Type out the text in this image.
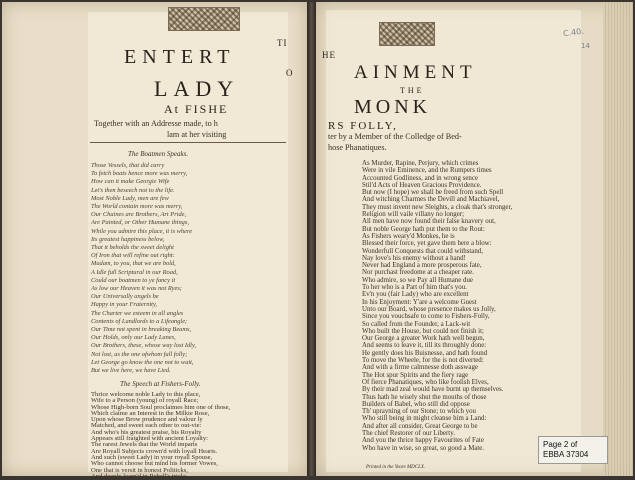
ENTERT
TI
LADY
O
At FISHE
Together with an Addresse made, to h
lam at her visiting
The Boatmen Speaks.
Those Vessels, that did carry
To fetch boats hence more was merry,
How can it make Georgie Wife
Let's then beseech not to the life.
Most Noble Lady, men are few
The World contain more was merry,
Our Chaines are Brothers, Art Pride,
Are Painted, or Other Humane things,
While you admire this place, it is where
Its greatest happiness below,
That it beholds the sweet delight
Of Iron that will refine out right:
Madam, to you, that we are bold,
A Idle full Scriptural in our Road,
Could our boatmen to ye fancy it
As low our Heaven it was not Ryes;
Our Universally angels be
Happy in your Fraternity,
The Charter we esteem in all angles
Contents of Landlords to a Lifeangle;
Our Time not spent in breaking Beams,
Our Holds, only our Lady Lanes,
Our Brothers, these, whose way lost Idly,
Not lost, as the one ofwhom full folly;
Let George go know the one not to wait,
But we live here, we have Lied.
The Speech at Fishers-Folly.
Thrice welcome noble Lady to this place,
Wife to a Person (young) of royall Race;
Whose High-born Soul proclaimes him one of those,
Which claime an Interest in the Milkie Rose,
Upon whose Brow prudence and valour ly
Matched, and sweet each other to out-vie:
And who's his greatest praise, his Royalty
Appears still fraighted with ancient Loyalty:
The rarest Jewels that the World imparts
Are Royall Subjects crown'd with loyall Hearts.
And such (sweet Lady) in your royall Spouse,
Who cannot choose but mind his former Vowes,
One that is versit in honest Politicks,
And deeply learn'd in Rebell's tricks.
C.40.
14
HE
AINMENT
THE
MONK
RS FOLLY,
ter by a Member of the Colledge of Bed-
hose Phanatiques.
As Murder, Rapine, Perjury, which crimes
Were in vile Eminence, and the Rumpers times
Accounted Godliness, and in wrong sence
Stil'd Acts of Heaven Gracious Providence.
But now (I hope) we shall be freed from such Spell
And witching Charmes the Devill and Machiavel,
They must invent new Sleights, a cloak that's stronger,
Religion will vaile villany no longer;
All men have now found their false knavery out,
But noble George hath put them to the Rout:
As Fishers weary'd Monkes, he is
Blessed their force, yet gave them here a blow:
Wonderfull Conquests that could withstand,
Nay love's his enemy without a hand!
Never had England a more prosperous fate,
Nor purchast freedome at a cheaper rate.
Who admire, so we Pay all Humane due
To her who is a Part of him that's you.
Ev'n you (fair Lady) who are excellent
In his Enjoyment: Y'are a welcome Guest
Unto our Board, whose presence makes us Jolly,
Since you vouchsafe to come to Fishers-Folly,
So called from the Founder, a Lack-wit
Who built the House, but could not finish it;
Our George a greater Work hath well begun,
And seems to leave it, till its throughly done:
He gently does his Buisnesse, and hath found
To move the Wheele, for the is not diverted:
And with a firme calmnesse doth asswage
The Hot spur Spirits and the fiery rage
Of fierce Phanatiques, who like foolish Elves,
By their mad zeal would have burnt up themselves.
Thus hath he wisely shut the mouths of those
Builders of Babel, who still did oppose
Th' uprayning of our Stone; to which you
Who still being in might cleanse him a Land:
And after all consider, Great George to be
The chief Restorer of our Liberty.
And you the thrice happy Favourites of Fate
Who have in wise, so great, so good a Mate.
Printed in the Yeare MDCLX.
Page 2 of
EBBA 37304
